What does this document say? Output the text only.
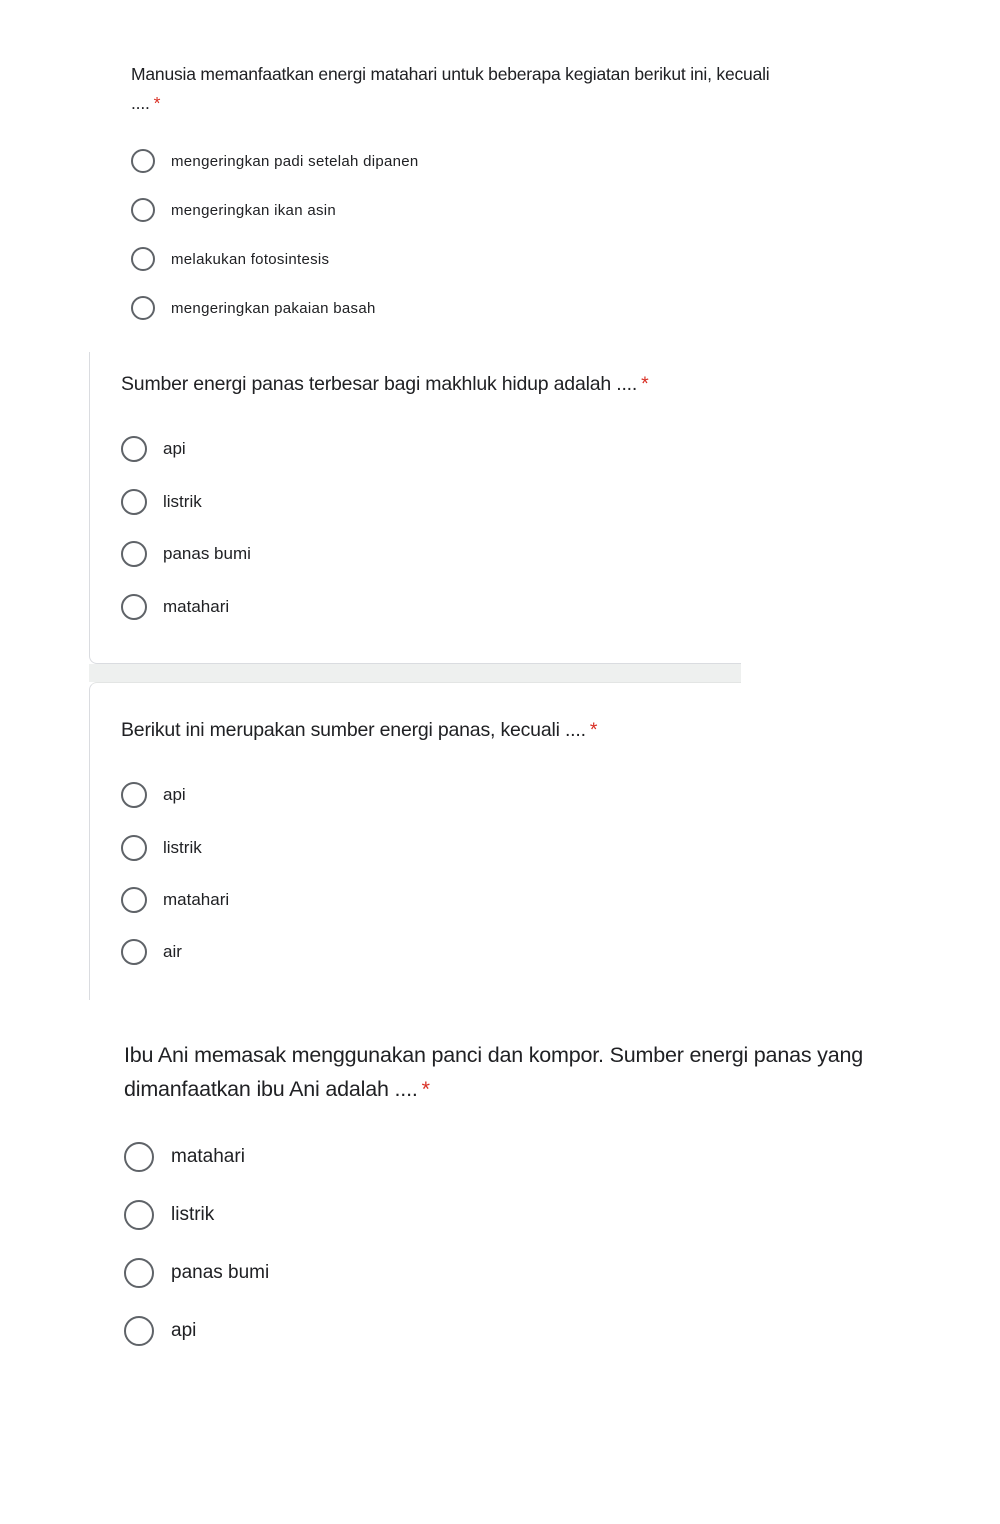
Manusia memanfaatkan energi matahari untuk beberapa kegiatan berikut ini, kecuali .... *
mengeringkan padi setelah dipanen
mengeringkan ikan asin
melakukan fotosintesis
mengeringkan pakaian basah
Sumber energi panas terbesar bagi makhluk hidup adalah .... *
api
listrik
panas bumi
matahari
Berikut ini merupakan sumber energi panas, kecuali .... *
api
listrik
matahari
air
Ibu Ani memasak menggunakan panci dan kompor. Sumber energi panas yang dimanfaatkan ibu Ani adalah .... *
matahari
listrik
panas bumi
api
